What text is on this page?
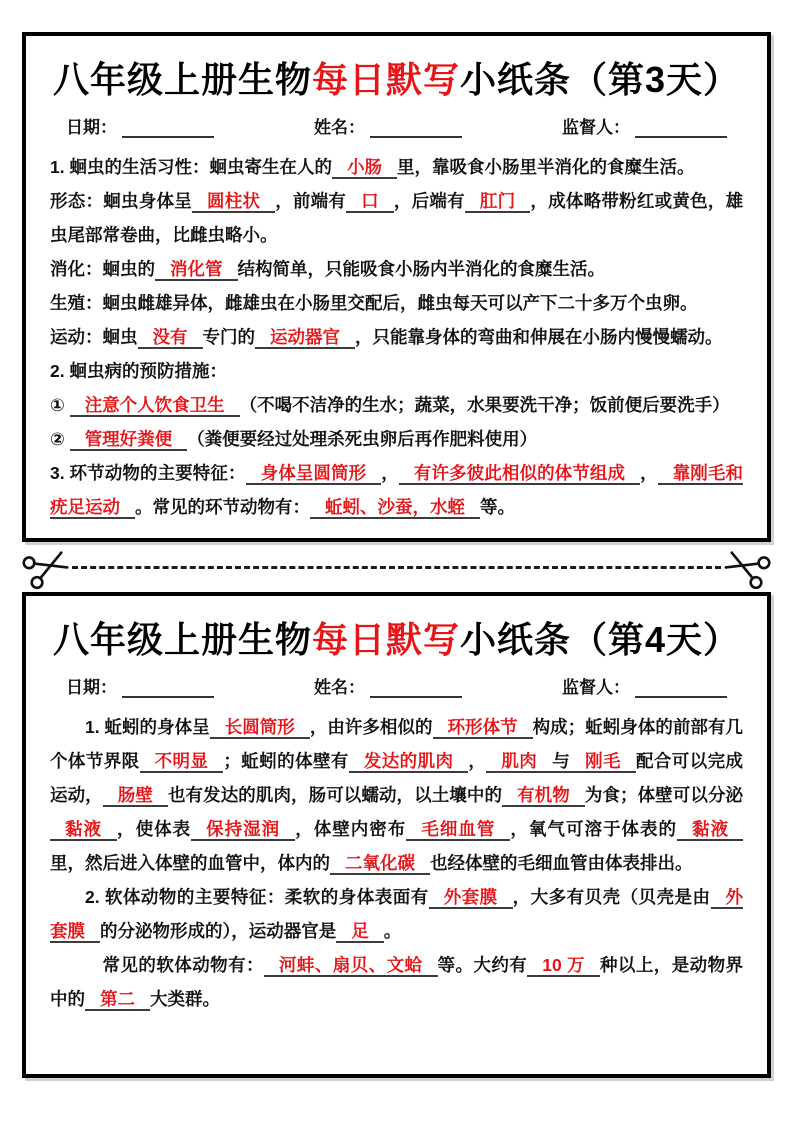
八年级上册生物每日默写小纸条（第3天）
日期：	姓名：	监督人：
1. 蛔虫的生活习性：蛔虫寄生在人的 小肠 里，靠吸食小肠里半消化的食糜生活。
形态：蛔虫身体呈 圆柱状 ，前端有 口 ，后端有 肛门 ，成体略带粉红或黄色，雄虫尾部常卷曲，比雌虫略小。
消化：蛔虫的 消化管 结构简单，只能吸食小肠内半消化的食糜生活。
生殖：蛔虫雌雄异体，雌雄虫在小肠里交配后，雌虫每天可以产下二十多万个虫卵。
运动：蛔虫 没有 专门的 运动器官 ，只能靠身体的弯曲和伸展在小肠内慢慢蠕动。
2. 蛔虫病的预防措施：
① 注意个人饮食卫生 （不喝不洁净的生水；蔬菜，水果要洗干净；饭前便后要洗手）
② 管理好粪便 （粪便要经过处理杀死虫卵后再作肥料使用）
3. 环节动物的主要特征： 身体呈圆筒形 ， 有许多彼此相似的体节组成 ， 靠刚毛和疣足运动 。常见的环节动物有： 蚯蚓、沙蚕，水蛭 等。
八年级上册生物每日默写小纸条（第4天）
日期：	姓名：	监督人：
1. 蚯蚓的身体呈 长圆筒形 ，由许多相似的 环形体节 构成；蚯蚓身体的前部有几个体节界限 不明显 ；蚯蚓的体壁有 发达的肌肉 ， 肌肉 与 刚毛 配合可以完成运动， 肠壁 也有发达的肌肉，肠可以蠕动，以土壤中的 有机物 为食；体壁可以分泌黏液 ，使体表 保持湿润 ，体壁内密布 毛细血管 ，氧气可溶于体表的 黏液里，然后进入体壁的血管中，体内的 二氧化碳 也经体壁的毛细血管由体表排出。
2. 软体动物的主要特征：柔软的身体表面有 外套膜 ，大多有贝壳（贝壳是由 外套膜 的分泌物形成的），运动器官是 足 。
常见的软体动物有： 河蚌、扇贝、文蛤 等。大约有 10 万 种以上，是动物界中的 第二 大类群。
